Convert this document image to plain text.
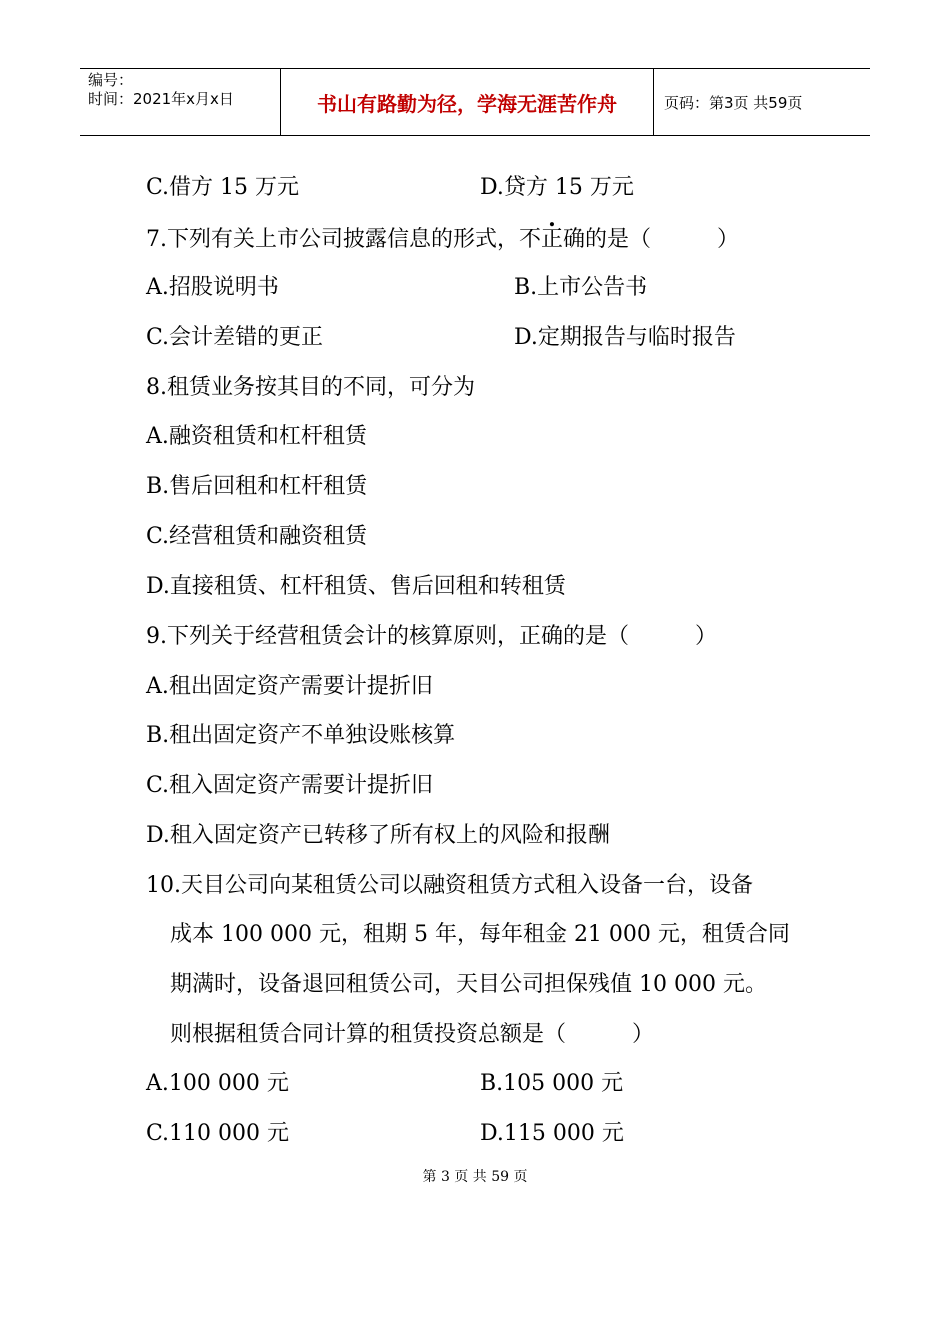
编号：
时间：2021年x月x日	书山有路勤为径，学海无涯苦作舟	页码：第3页 共59页
C.借方 15 万元	D.贷方 15 万元
7.下列有关上市公司披露信息的形式，不正确的是（　　　）
A.招股说明书	B.上市公告书
C.会计差错的更正	D.定期报告与临时报告
8.租赁业务按其目的不同，可分为
A.融资租赁和杠杆租赁
B.售后回租和杠杆租赁
C.经营租赁和融资租赁
D.直接租赁、杠杆租赁、售后回租和转租赁
9.下列关于经营租赁会计的核算原则，正确的是（　　　）
A.租出固定资产需要计提折旧
B.租出固定资产不单独设账核算
C.租入固定资产需要计提折旧
D.租入固定资产已转移了所有权上的风险和报酬
10.天目公司向某租赁公司以融资租赁方式租入设备一台，设备
成本 100 000 元，租期 5 年，每年租金 21 000 元，租赁合同
期满时，设备退回租赁公司，天目公司担保残值 10 000 元。
则根据租赁合同计算的租赁投资总额是（　　　）
A.100 000 元	B.105 000 元
C.110 000 元	D.115 000 元
第 3 页 共 59 页
